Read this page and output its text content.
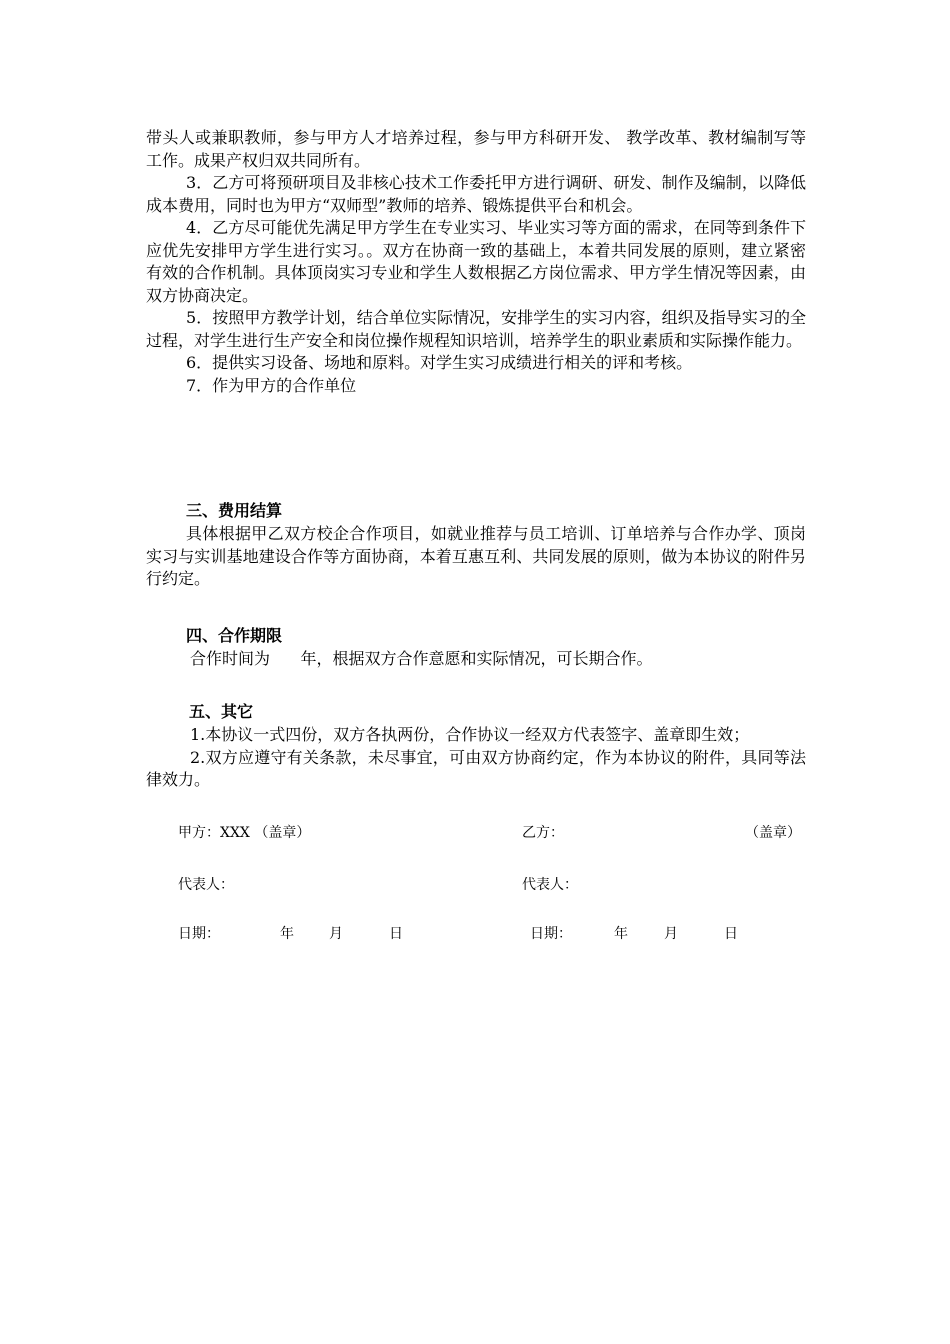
带头人或兼职教师，参与甲方人才培养过程，参与甲方科研开发、 教学改革、教材编制写等工作。成果产权归双共同所有。

3．乙方可将预研项目及非核心技术工作委托甲方进行调研、研发、制作及编制，以降低成本费用，同时也为甲方“双师型”教师的培养、锻炼提供平台和机会。

4．乙方尽可能优先满足甲方学生在专业实习、毕业实习等方面的需求，在同等到条件下应优先安排甲方学生进行实习。。双方在协商一致的基础上，本着共同发展的原则，建立紧密有效的合作机制。具体顶岗实习专业和学生人数根据乙方岗位需求、甲方学生情况等因素，由双方协商决定。

5．按照甲方教学计划，结合单位实际情况，安排学生的实习内容，组织及指导实习的全过程，对学生进行生产安全和岗位操作规程知识培训，培养学生的职业素质和实际操作能力。

6．提供实习设备、场地和原料。对学生实习成绩进行相关的评和考核。

7．作为甲方的合作单位

三、费用结算

具体根据甲乙双方校企合作项目，如就业推荐与员工培训、订单培养与合作办学、顶岗实习与实训基地建设合作等方面协商，本着互惠互利、共同发展的原则，做为本协议的附件另行约定。

四、合作期限

合作时间为      年，根据双方合作意愿和实际情况，可长期合作。

五、其它

1.本协议一式四份，双方各执两份，合作协议一经双方代表签字、盖章即生效；

2.双方应遵守有关条款，未尽事宜，可由双方协商约定，作为本协议的附件，具同等法律效力。

甲方：XXX （盖章）	乙方：	（盖章）
代表人：	代表人：
日期：	年	月	日	日期：	年	月	日
